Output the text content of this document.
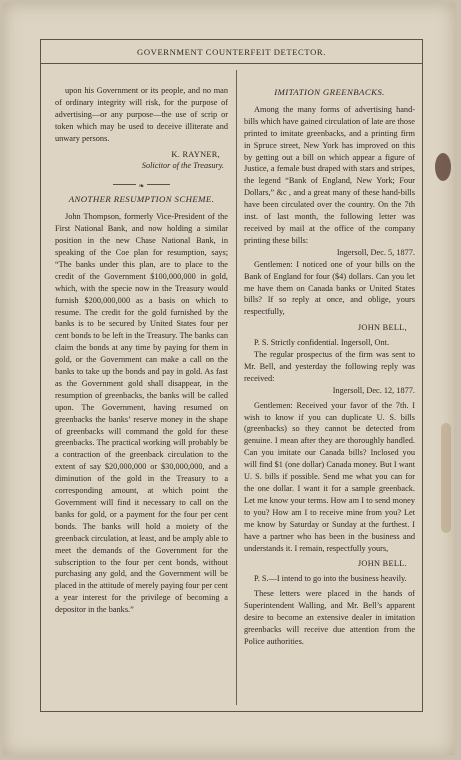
GOVERNMENT COUNTERFEIT DETECTOR.

upon his Government or its people, and no man of ordinary integrity will risk, for the purpose of advertising—or any purpose—the use of scrip or token which may be used to deceive illiterate and unwary persons.

K. RAYNER,

Solicitor of the Treasury.

❧

ANOTHER RESUMPTION SCHEME.

John Thompson, formerly Vice-President of the First National Bank, and now holding a similar position in the new Chase National Bank, in speaking of the Coe plan for resumption, says; “The banks under this plan, are to place to the credit of the Government $100,000,000 in gold, which, with the specie now in the Treasury would furnish $200,000,000 as a basis on which to resume. The credit for the gold furnished by the banks is to be secured by United States four per cent bonds to be left in the Treasury. The banks can claim the bonds at any time by paying for them in gold, or the Government can make a call on the banks to take up the bonds and pay in gold. As fast as the Government gold shall disappear, in the resumption of greenbacks, the banks will be called upon. The Government, having resumed on greenbacks the banks’ reserve money in the shape of greenbacks will command the gold for these greenbacks. The practical working will probably be a contraction of the greenback circulation to the extent of say $20,000,000 or $30,000,000, and a diminution of the gold in the Treasury to a corresponding amount, at which point the Government will find it necessary to call on the banks for gold, or a payment for the four per cent bonds. The banks will hold a moiety of the greenback circulation, at least, and be amply able to meet the demands of the Government for the subscription to the four per cent bonds, without purchasing any gold, and the Government will be placed in the attitude of merely paying four per cent a year interest for the privilege of becoming a depositor in the banks.”

IMITATION GREENBACKS.

Among the many forms of advertising hand-bills which have gained circulation of late are those printed to imitate greenbacks, and a printing firm in Spruce street, New York has improved on this by getting out a bill on which appear a figure of Justice, a female bust draped with stars and stripes, the legend “Bank of England, New York; Four Dollars,” &c , and a great many of these hand-bills have been circulated over the country. On the 7th inst. of last month, the following letter was received by mail at the office of the company printing these bills:

Ingersoll, Dec. 5, 1877.

Gentlemen: I noticed one of your bills on the Bank of England for four ($4) dollars. Can you let me have them on Canada banks or United States bills? If so reply at once, and oblige, yours respectfully,

JOHN BELL,

P. S. Strictly confidential. Ingersoll, Ont.

The regular prospectus of the firm was sent to Mr. Bell, and yesterday the following reply was received:

Ingersoll, Dec. 12, 1877.

Gentlemen: Received your favor of the 7th. I wish to know if you can duplicate U. S. bills (greenbacks) so they cannot be detected from genuine. I mean after they are thoroughly handled. Can you imitate our Canada bills? Inclosed you will find $1 (one dollar) Canada money. But I want U. S. bills if possible. Send me what you can for the one dollar. I want it for a sample greenback. Let me know your terms. How am I to send money to you? How am I to receive mine from you? Let me know by Saturday or Sunday at the furthest. I have a partner who has been in the business and understands it. I remain, respectfully yours,

JOHN BELL.

P. S.—I intend to go into the business heavily.

These letters were placed in the hands of Superintendent Walling, and Mr. Bell’s apparent desire to become an extensive dealer in imitation greenbacks will receive due attention from the Police authorities.
